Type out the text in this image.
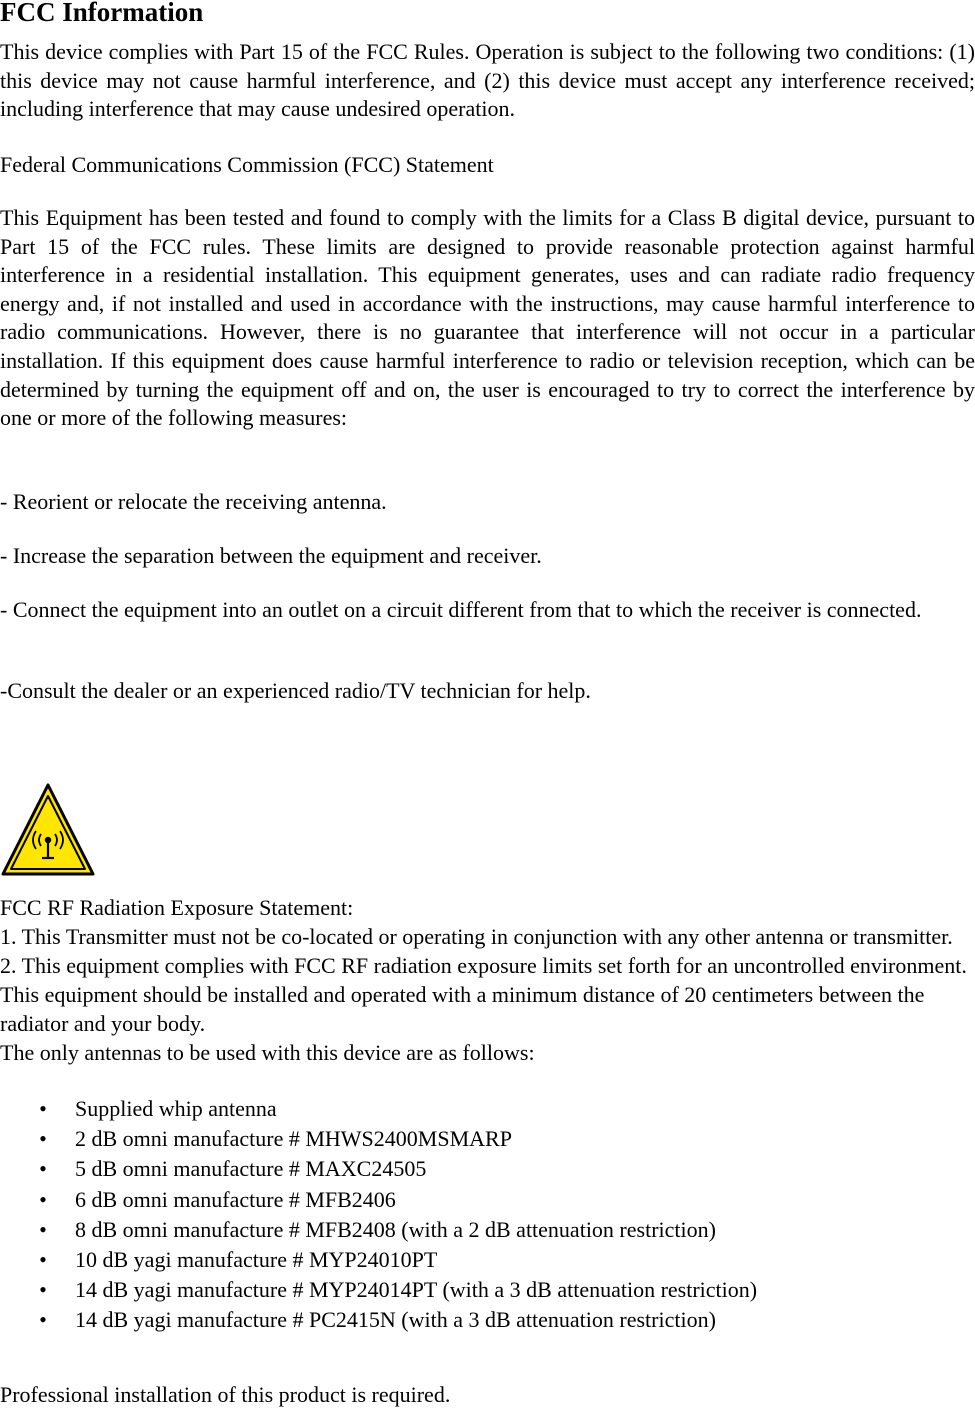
FCC Information

This device complies with Part 15 of the FCC Rules. Operation is subject to the following two conditions: (1) this device may not cause harmful interference, and (2) this device must accept any interference received; including interference that may cause undesired operation.

Federal Communications Commission (FCC) Statement

This Equipment has been tested and found to comply with the limits for a Class B digital device, pursuant to Part 15 of the FCC rules. These limits are designed to provide reasonable protection against harmful interference in a residential installation. This equipment generates, uses and can radiate radio frequency energy and, if not installed and used in accordance with the instructions, may cause harmful interference to radio communications. However, there is no guarantee that interference will not occur in a particular installation. If this equipment does cause harmful interference to radio or television reception, which can be determined by turning the equipment off and on, the user is encouraged to try to correct the interference by one or more of the following measures:

- Reorient or relocate the receiving antenna.

- Increase the separation between the equipment and receiver.

- Connect the equipment into an outlet on a circuit different from that to which the receiver is connected.

-Consult the dealer or an experienced radio/TV technician for help.

FCC RF Radiation Exposure Statement:

1. This Transmitter must not be co-located or operating in conjunction with any other antenna or transmitter.

2. This equipment complies with FCC RF radiation exposure limits set forth for an uncontrolled environment. This equipment should be installed and operated with a minimum distance of 20 centimeters between the radiator and your body.

The only antennas to be used with this device are as follows:

• Supplied whip antenna
• 2 dB omni manufacture # MHWS2400MSMARP
• 5 dB omni manufacture # MAXC24505
• 6 dB omni manufacture # MFB2406
• 8 dB omni manufacture # MFB2408 (with a 2 dB attenuation restriction)
• 10 dB yagi manufacture # MYP24010PT
• 14 dB yagi manufacture # MYP24014PT (with a 3 dB attenuation restriction)
• 14 dB yagi manufacture # PC2415N (with a 3 dB attenuation restriction)

Professional installation of this product is required.
